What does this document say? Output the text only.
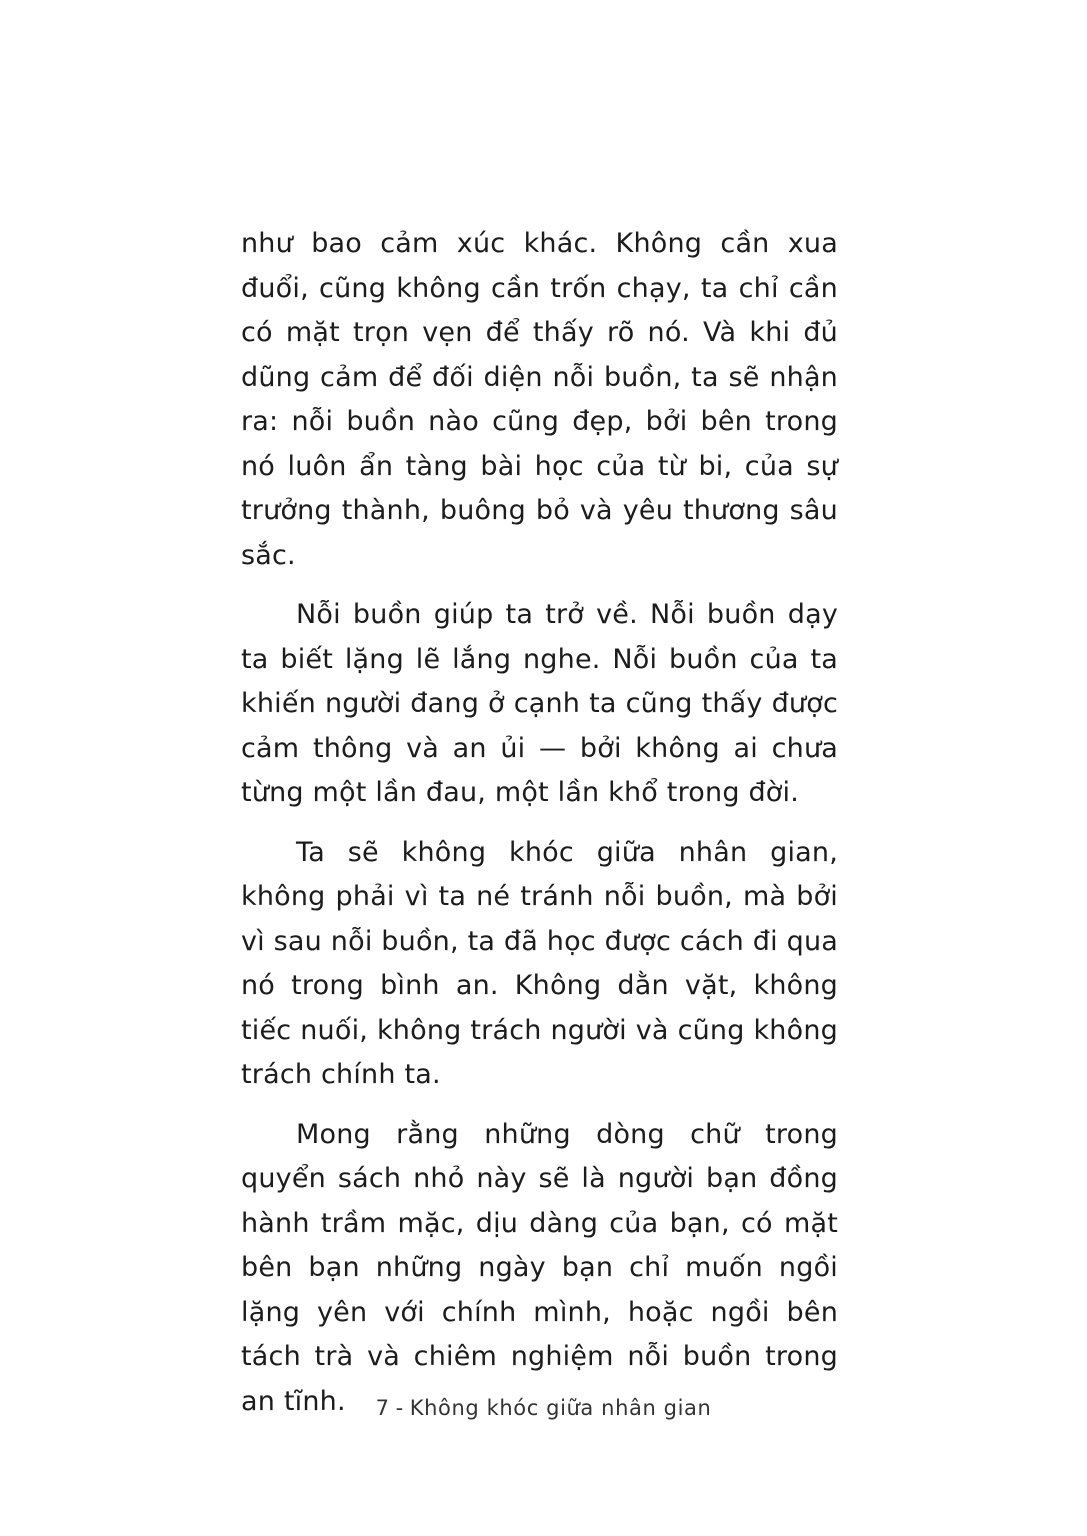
như bao cảm xúc khác. Không cần xua đuổi, cũng không cần trốn chạy, ta chỉ cần có mặt trọn vẹn để thấy rõ nó. Và khi đủ dũng cảm để đối diện nỗi buồn, ta sẽ nhận ra: nỗi buồn nào cũng đẹp, bởi bên trong nó luôn ẩn tàng bài học của từ bi, của sự trưởng thành, buông bỏ và yêu thương sâu sắc.

Nỗi buồn giúp ta trở về. Nỗi buồn dạy ta biết lặng lẽ lắng nghe. Nỗi buồn của ta khiến người đang ở cạnh ta cũng thấy được cảm thông và an ủi — bởi không ai chưa từng một lần đau, một lần khổ trong đời.

Ta sẽ không khóc giữa nhân gian, không phải vì ta né tránh nỗi buồn, mà bởi vì sau nỗi buồn, ta đã học được cách đi qua nó trong bình an. Không dằn vặt, không tiếc nuối, không trách người và cũng không trách chính ta.

Mong rằng những dòng chữ trong quyển sách nhỏ này sẽ là người bạn đồng hành trầm mặc, dịu dàng của bạn, có mặt bên bạn những ngày bạn chỉ muốn ngồi lặng yên với chính mình, hoặc ngồi bên tách trà và chiêm nghiệm nỗi buồn trong an tĩnh.	7 - Không khóc giữa nhân gian
